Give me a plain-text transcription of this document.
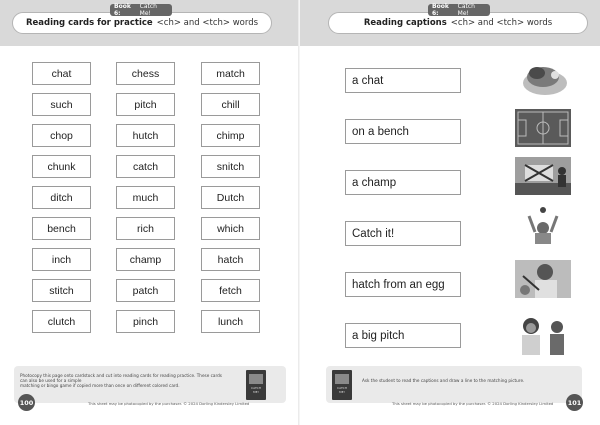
Reading cards for practice <ch> and <tch> words
Book 6:
Catch Me!
chat	chess	match
such	pitch	chill
chop	hutch	chimp
chunk	catch	snitch
ditch	much	Dutch
bench	rich	which
inch	champ	hatch
stitch	patch	fetch
clutch	pinch	lunch
Photocopy this page onto cardstock and cut into reading cards for reading practice. These cards can also be used for a simple
matching or bingo game if copied more than once on different colored card.	CATCH ME!
100	This sheet may be photocopied by the purchaser. © 2024 Dorling Kindersley Limited
Reading captions <ch> and <tch> words
Book 6:
Catch Me!
a chat
on a bench
a champ
Catch it!
hatch from an egg
a big pitch
CATCH ME!
Ask the student to read the captions and draw a line to the matching picture.
101
This sheet may be photocopied by the purchaser. © 2024 Dorling Kindersley Limited
